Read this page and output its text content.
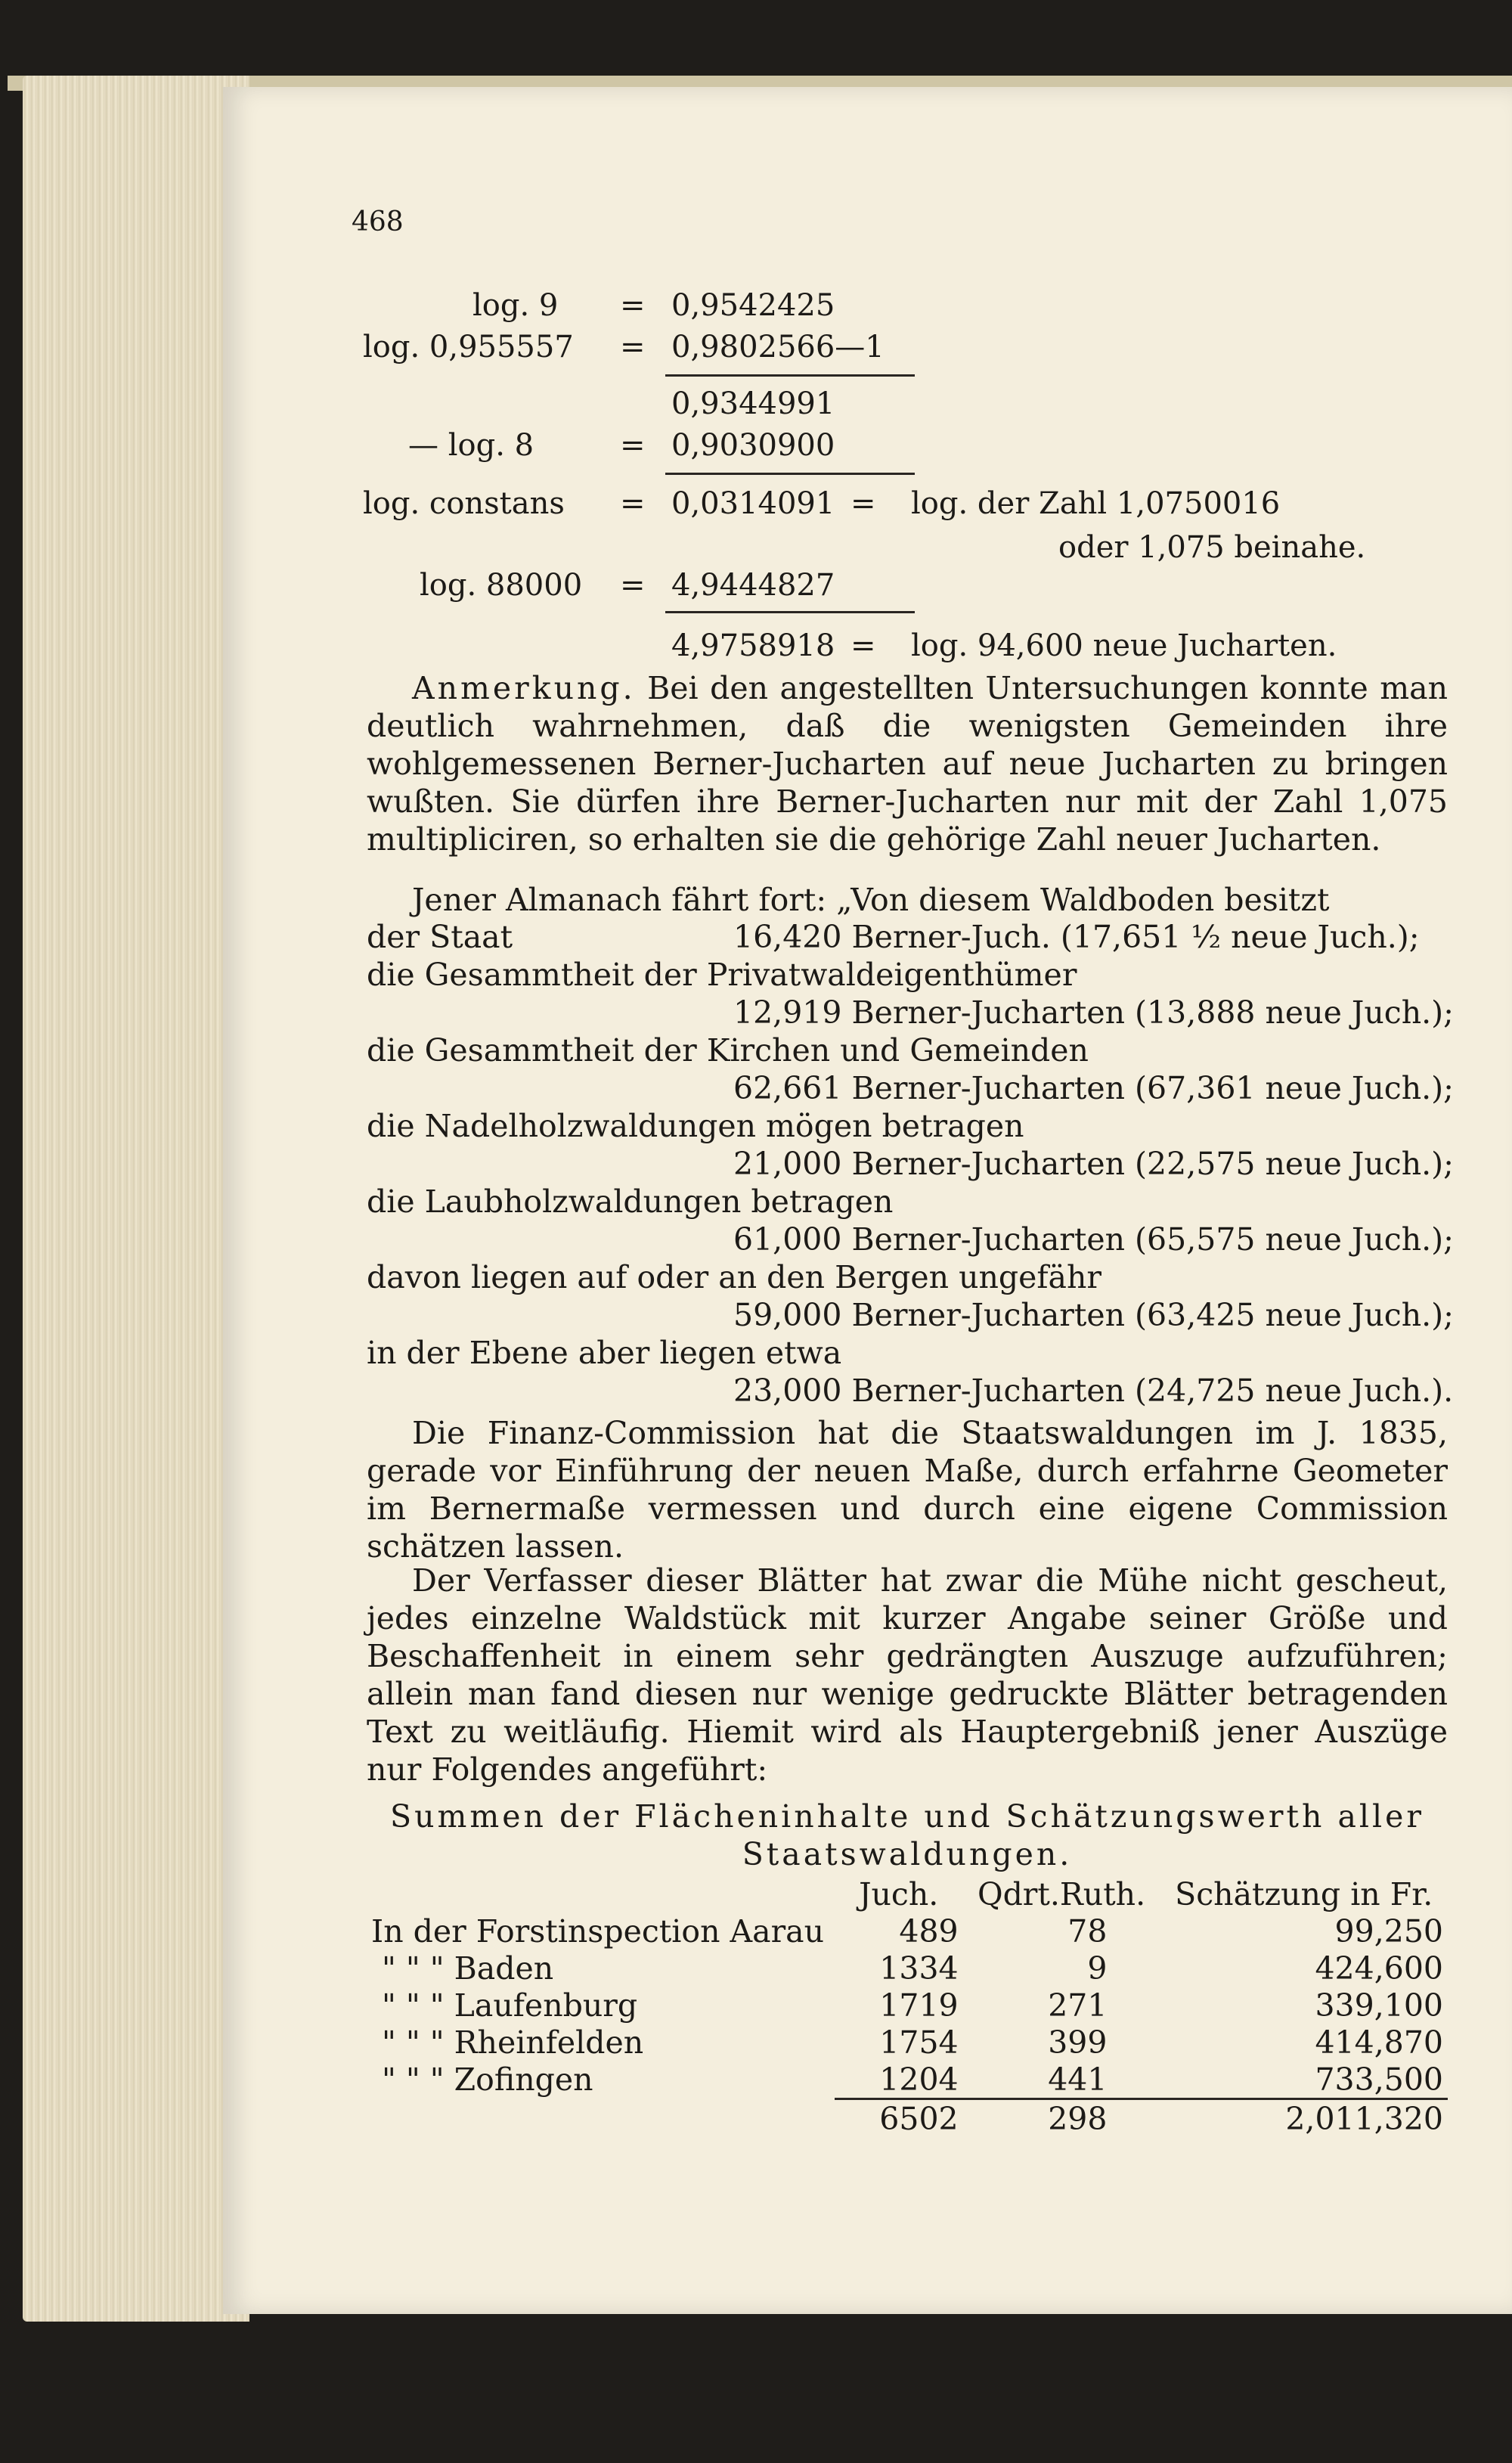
468
log. 9 = 0,9542425
log. 0,955557 = 0,9802566—1
0,9344991
— log. 8	= 0,9030900
log. constans = 0,0314091 = log. der Zahl 1,0750016
oder 1,075 beinahe.
log. 88000 = 4,9444827
4,9758918 = log. 94,600 neue Jucharten.

Anmerkung. Bei den angestellten Untersuchungen konnte man deutlich wahrnehmen, daß die wenigsten Gemeinden ihre wohlgemessenen Berner-Jucharten auf neue Jucharten zu bringen wußten. Sie dürfen ihre Berner-Jucharten nur mit der Zahl 1,075 multipliciren, so erhalten sie die gehörige Zahl neuer Jucharten.

Jener Almanach fährt fort: „Von diesem Waldboden besitzt

der Staat	16,420 Berner-Juch. (17,651 ½ neue Juch.);
die Gesammtheit der Privatwaldeigenthümer
12,919 Berner-Jucharten (13,888 neue Juch.);
die Gesammtheit der Kirchen und Gemeinden
62,661 Berner-Jucharten (67,361 neue Juch.);
die Nadelholzwaldungen mögen betragen
21,000 Berner-Jucharten (22,575 neue Juch.);
die Laubholzwaldungen betragen
61,000 Berner-Jucharten (65,575 neue Juch.);
davon liegen auf oder an den Bergen ungefähr
59,000 Berner-Jucharten (63,425 neue Juch.);
in der Ebene aber liegen etwa
23,000 Berner-Jucharten (24,725 neue Juch.).

Die Finanz-Commission hat die Staatswaldungen im J. 1835, gerade vor Einführung der neuen Maße, durch erfahrne Geometer im Bernermaße vermessen und durch eine eigene Commission schätzen lassen.

Der Verfasser dieser Blätter hat zwar die Mühe nicht gescheut, jedes einzelne Waldstück mit kurzer Angabe seiner Größe und Beschaffenheit in einem sehr gedrängten Auszuge aufzuführen; allein man fand diesen nur wenige gedruckte Blätter betragenden Text zu weitläufig. Hiemit wird als Hauptergebniß jener Auszüge nur Folgendes angeführt:

Summen der Flächeninhalte und Schätzungswerth aller
Staatswaldungen.
	Juch.	Qdrt.Ruth.	Schätzung in Fr.
In der Forstinspection Aarau	489	78	99,250
" " " Baden	1334	9	424,600
" " " Laufenburg	1719	271	339,100
" " " Rheinfelden	1754	399	414,870
" " " Zofingen	1204	441	733,500
	6502	298	2,011,320
